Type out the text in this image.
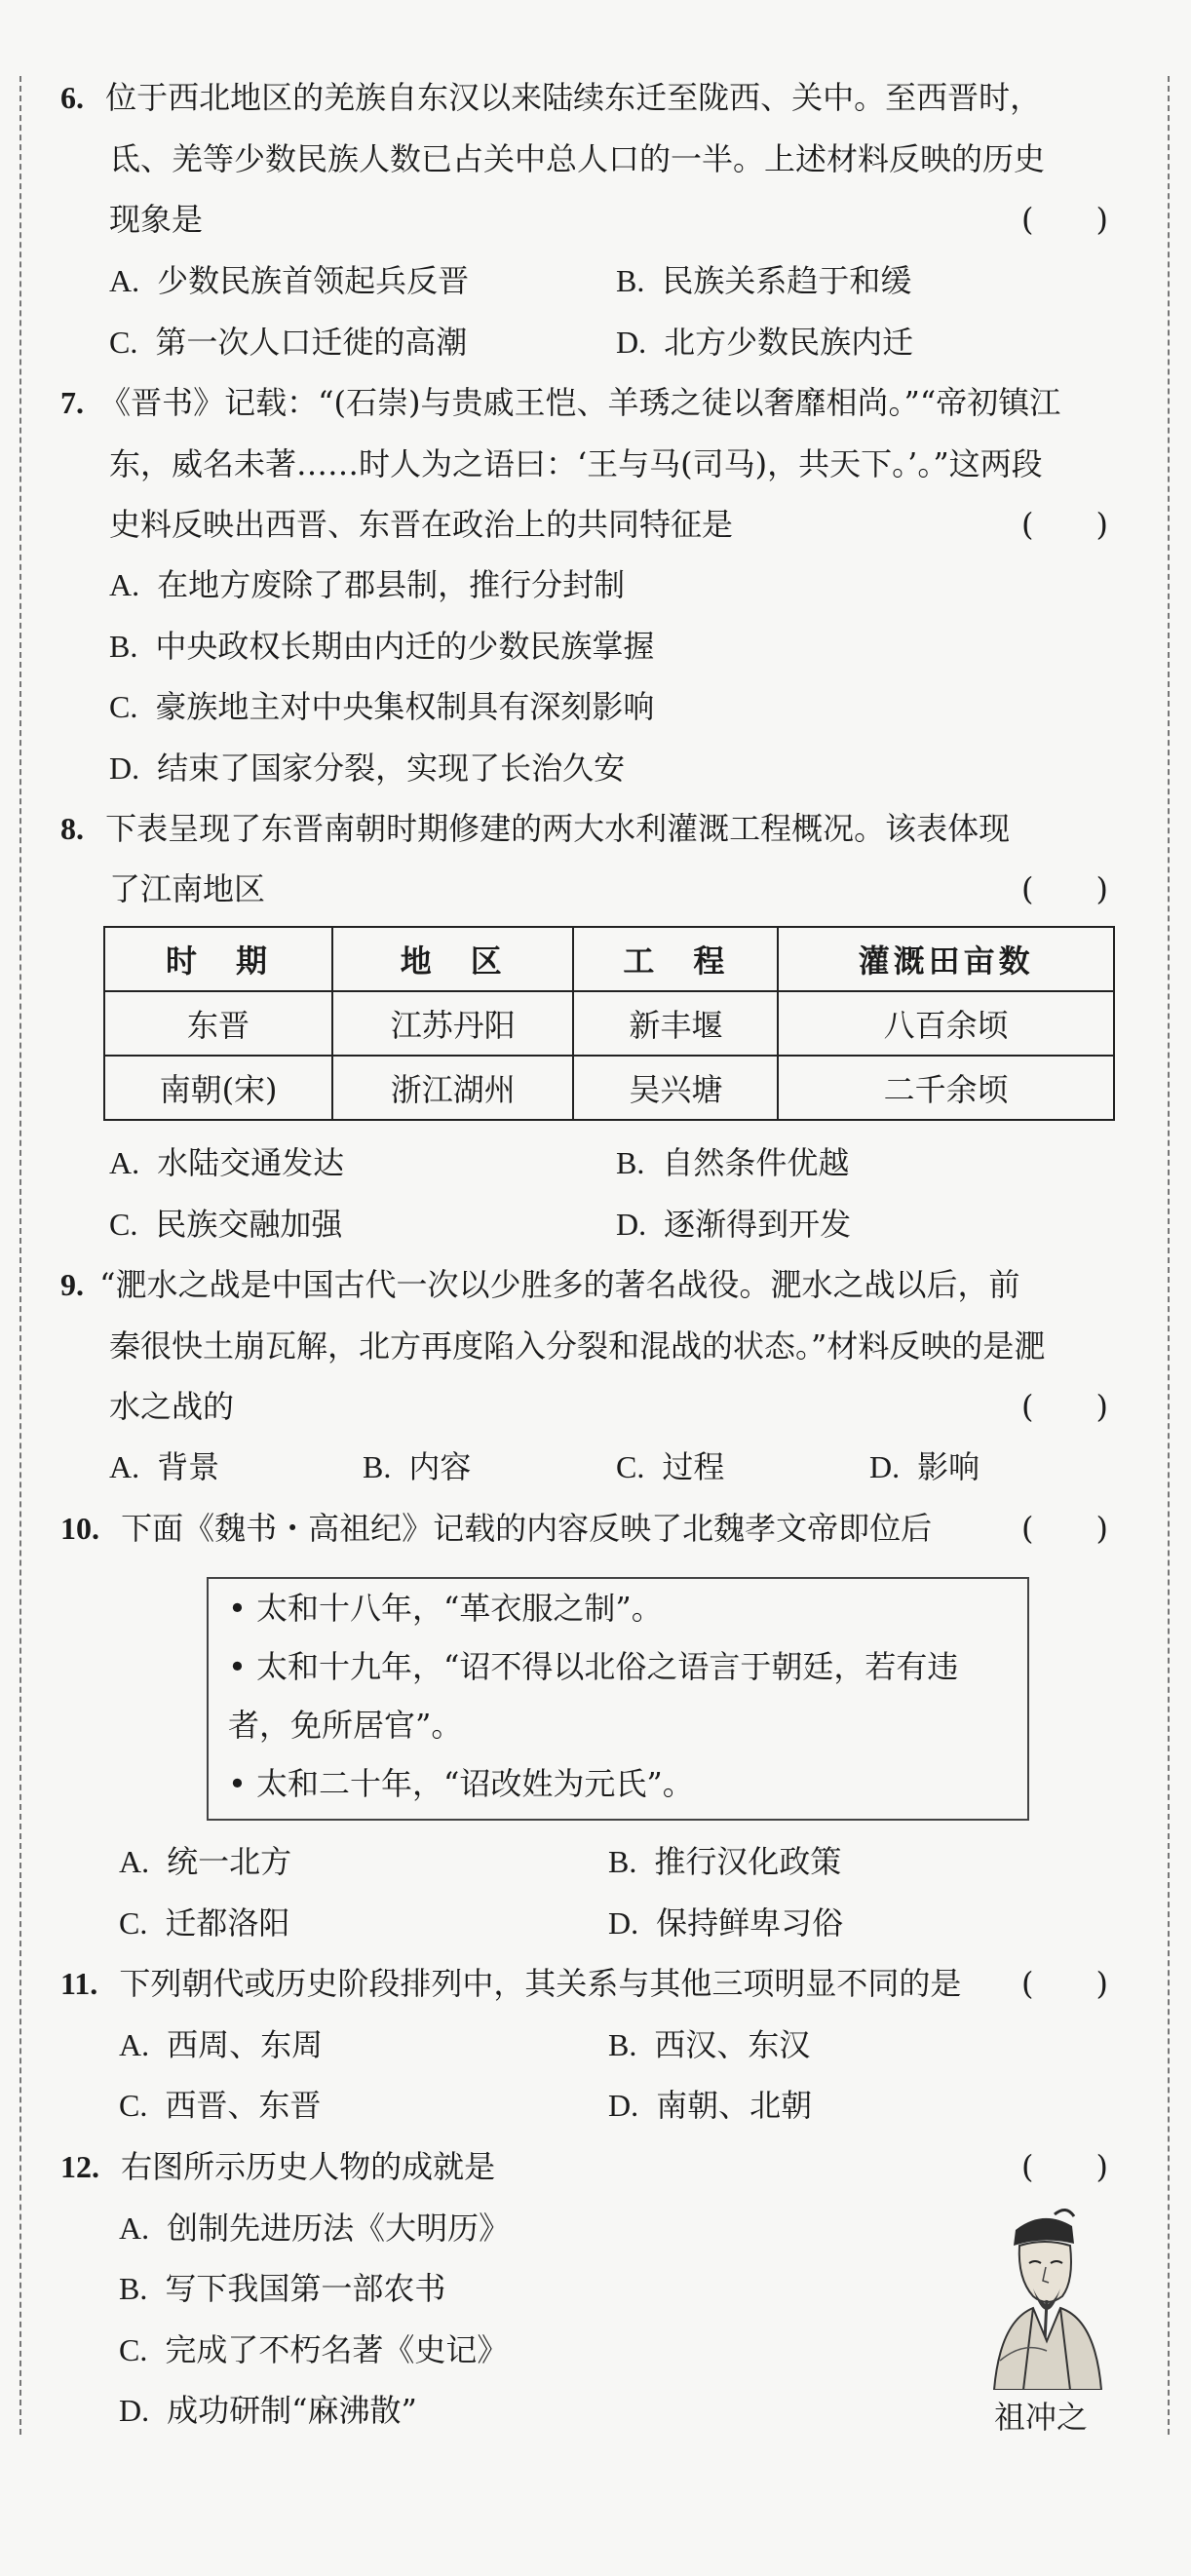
6. 位于西北地区的羌族自东汉以来陆续东迁至陇西、关中。至西晋时，
氐、羌等少数民族人数已占关中总人口的一半。上述材料反映的历史
现象是	(　　)
A. 少数民族首领起兵反晋	B. 民族关系趋于和缓
C. 第一次人口迁徙的高潮	D. 北方少数民族内迁
7. 《晋书》记载：“(石崇)与贵戚王恺、羊琇之徒以奢靡相尚。”“帝初镇江
东，威名未著……时人为之语曰：‘王与马(司马)，共天下。’。”这两段
史料反映出西晋、东晋在政治上的共同特征是	(　　)
A. 在地方废除了郡县制，推行分封制
B. 中央政权长期由内迁的少数民族掌握
C. 豪族地主对中央集权制具有深刻影响
D. 结束了国家分裂，实现了长治久安
8. 下表呈现了东晋南朝时期修建的两大水利灌溉工程概况。该表体现
了江南地区	(　　)
时　期	地　区	工　程	灌溉田亩数
东晋	江苏丹阳	新丰堰	八百余顷
南朝(宋)	浙江湖州	吴兴塘	二千余顷
A. 水陆交通发达	B. 自然条件优越
C. 民族交融加强	D. 逐渐得到开发
9. “淝水之战是中国古代一次以少胜多的著名战役。淝水之战以后，前
秦很快土崩瓦解，北方再度陷入分裂和混战的状态。”材料反映的是淝
水之战的	(　　)
A. 背景	B. 内容	C. 过程	D. 影响
10. 下面《魏书・高祖纪》记载的内容反映了北魏孝文帝即位后	(　　)
• 太和十八年，“革衣服之制”。
• 太和十九年，“诏不得以北俗之语言于朝廷，若有违
者，免所居官”。
• 太和二十年，“诏改姓为元氏”。
A. 统一北方	B. 推行汉化政策
C. 迁都洛阳	D. 保持鲜卑习俗
11. 下列朝代或历史阶段排列中，其关系与其他三项明显不同的是 (　　)
A. 西周、东周	B. 西汉、东汉
C. 西晋、东晋	D. 南朝、北朝
12. 右图所示历史人物的成就是	(　　)
A. 创制先进历法《大明历》
B. 写下我国第一部农书
C. 完成了不朽名著《史记》
D. 成功研制“麻沸散”	祖冲之
